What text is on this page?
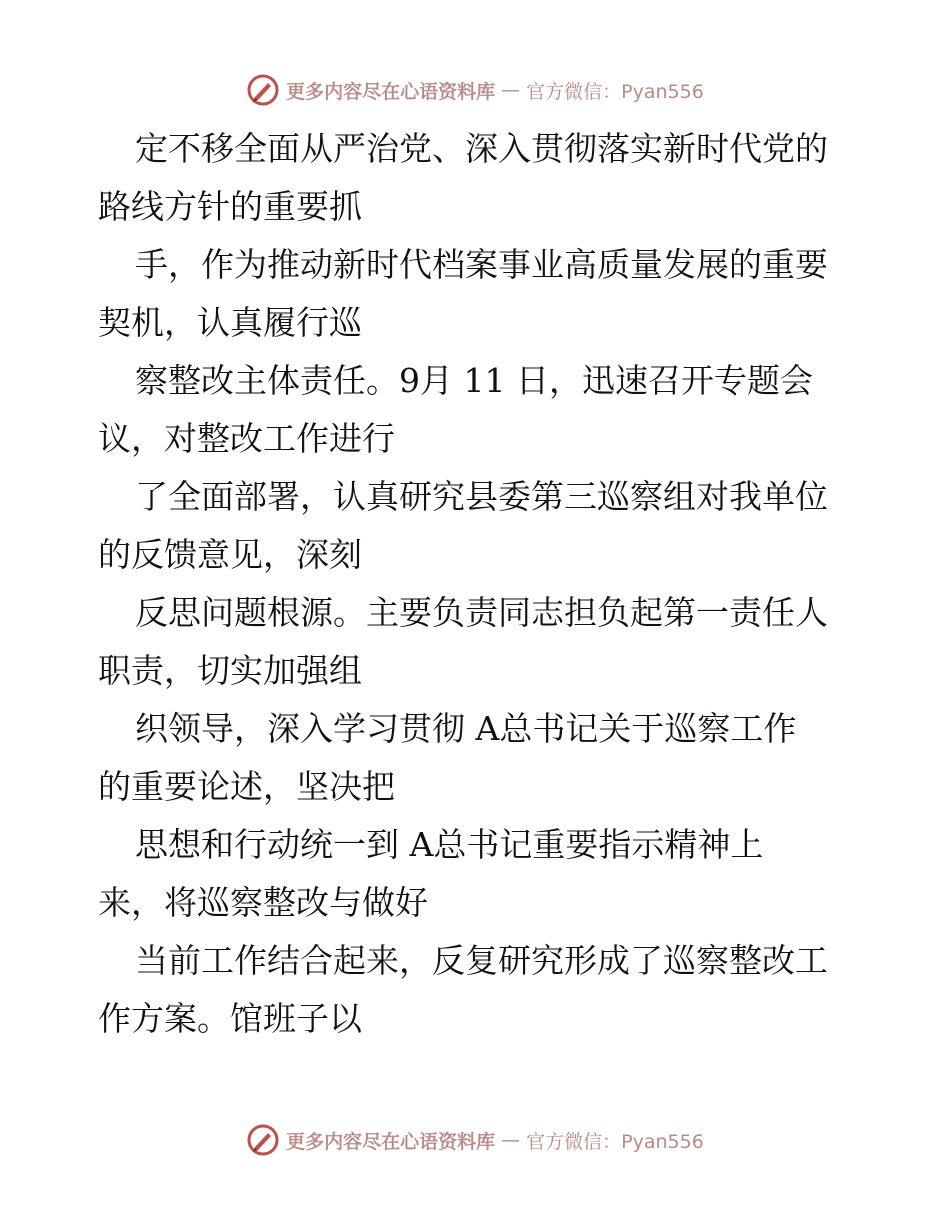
更多内容尽在心语资料库 — 官方微信：Pyan556
定不移全面从严治党、深入贯彻落实新时代党的
路线方针的重要抓
手，作为推动新时代档案事业高质量发展的重要
契机，认真履行巡
察整改主体责任。9月 11 日，迅速召开专题会
议，对整改工作进行
了全面部署，认真研究县委第三巡察组对我单位
的反馈意见，深刻
反思问题根源。主要负责同志担负起第一责任人
职责，切实加强组
织领导，深入学习贯彻 A总书记关于巡察工作
的重要论述，坚决把
思想和行动统一到 A总书记重要指示精神上
来，将巡察整改与做好
当前工作结合起来，反复研究形成了巡察整改工
作方案。馆班子以
更多内容尽在心语资料库 — 官方微信：Pyan556
